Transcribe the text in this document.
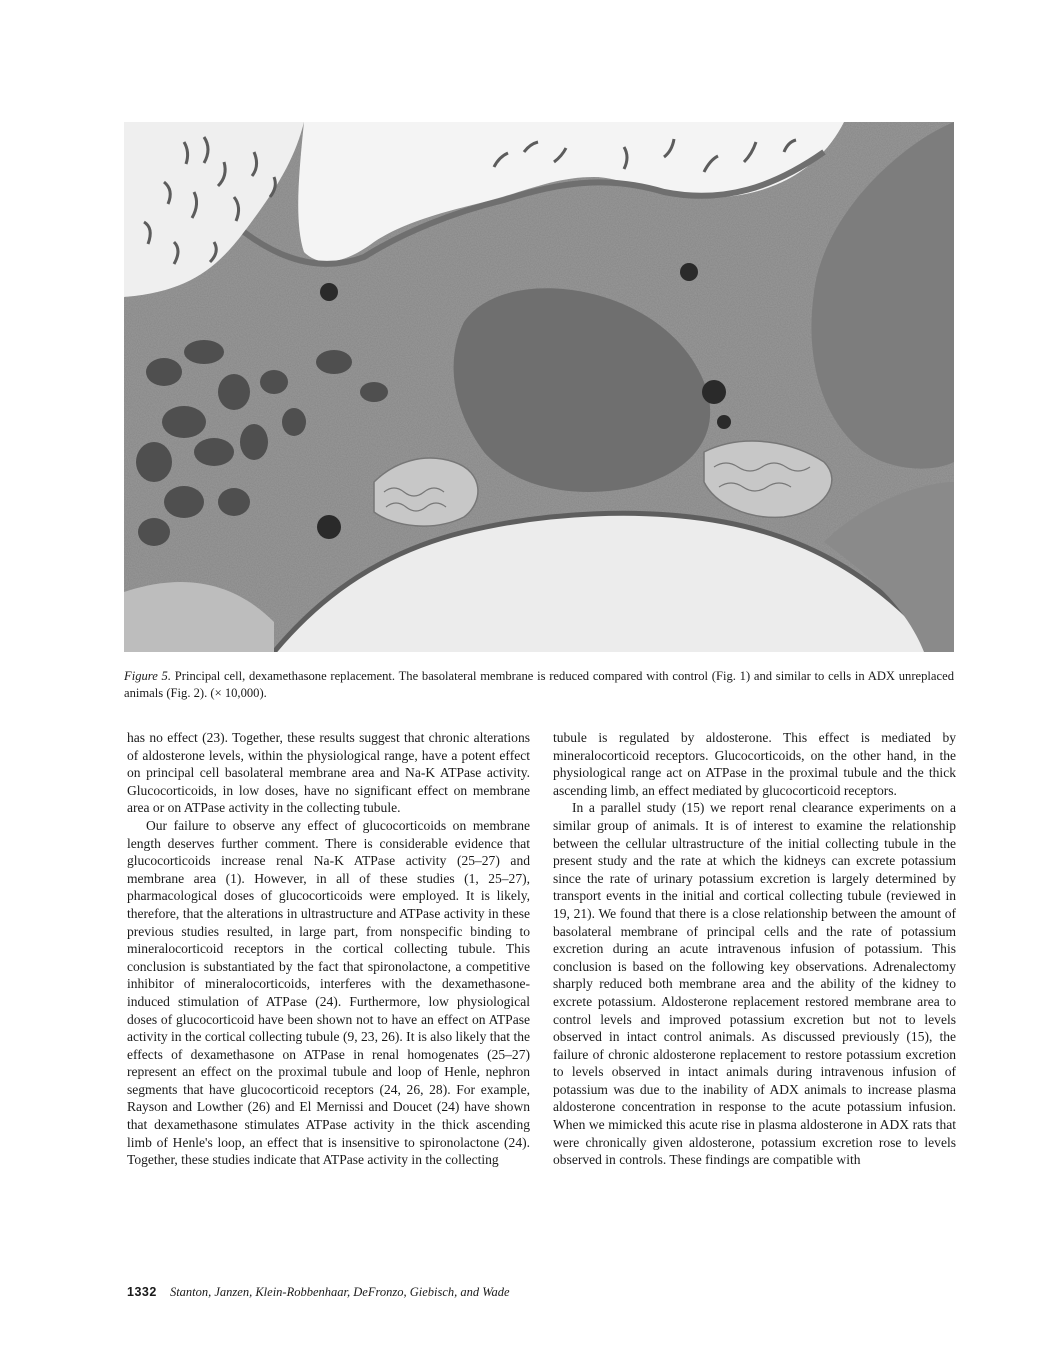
Figure 5. Principal cell, dexamethasone replacement. The basolateral membrane is reduced compared with control (Fig. 1) and similar to cells in ADX unreplaced animals (Fig. 2). (× 10,000).

has no effect (23). Together, these results suggest that chronic alterations of aldosterone levels, within the physiological range, have a potent effect on principal cell basolateral membrane area and Na-K ATPase activity. Glucocorticoids, in low doses, have no significant effect on membrane area or on ATPase activity in the collecting tubule.

Our failure to observe any effect of glucocorticoids on membrane length deserves further comment. There is considerable evidence that glucocorticoids increase renal Na-K ATPase activity (25–27) and membrane area (1). However, in all of these studies (1, 25–27), pharmacological doses of glucocorticoids were employed. It is likely, therefore, that the alterations in ultrastructure and ATPase activity in these previous studies resulted, in large part, from nonspecific binding to mineralocorticoid receptors in the cortical collecting tubule. This conclusion is substantiated by the fact that spironolactone, a competitive inhibitor of mineralocorticoids, interferes with the dexamethasone-induced stimulation of ATPase (24). Furthermore, low physiological doses of glucocorticoid have been shown not to have an effect on ATPase activity in the cortical collecting tubule (9, 23, 26). It is also likely that the effects of dexamethasone on ATPase in renal homogenates (25–27) represent an effect on the proximal tubule and loop of Henle, nephron segments that have glucocorticoid receptors (24, 26, 28). For example, Rayson and Lowther (26) and El Mernissi and Doucet (24) have shown that dexamethasone stimulates ATPase activity in the thick ascending limb of Henle's loop, an effect that is insensitive to spironolactone (24). Together, these studies indicate that ATPase activity in the collecting

tubule is regulated by aldosterone. This effect is mediated by mineralocorticoid receptors. Glucocorticoids, on the other hand, in the physiological range act on ATPase in the proximal tubule and the thick ascending limb, an effect mediated by glucocorticoid receptors.

In a parallel study (15) we report renal clearance experiments on a similar group of animals. It is of interest to examine the relationship between the cellular ultrastructure of the initial collecting tubule in the present study and the rate at which the kidneys can excrete potassium since the rate of urinary potassium excretion is largely determined by transport events in the initial and cortical collecting tubule (reviewed in 19, 21). We found that there is a close relationship between the amount of basolateral membrane of principal cells and the rate of potassium excretion during an acute intravenous infusion of potassium. This conclusion is based on the following key observations. Adrenalectomy sharply reduced both membrane area and the ability of the kidney to excrete potassium. Aldosterone replacement restored membrane area to control levels and improved potassium excretion but not to levels observed in intact control animals. As discussed previously (15), the failure of chronic aldosterone replacement to restore potassium excretion to levels observed in intact animals during intravenous infusion of potassium was due to the inability of ADX animals to increase plasma aldosterone concentration in response to the acute potassium infusion. When we mimicked this acute rise in plasma aldosterone in ADX rats that were chronically given aldosterone, potassium excretion rose to levels observed in controls. These findings are compatible with

1332 Stanton, Janzen, Klein-Robbenhaar, DeFronzo, Giebisch, and Wade
